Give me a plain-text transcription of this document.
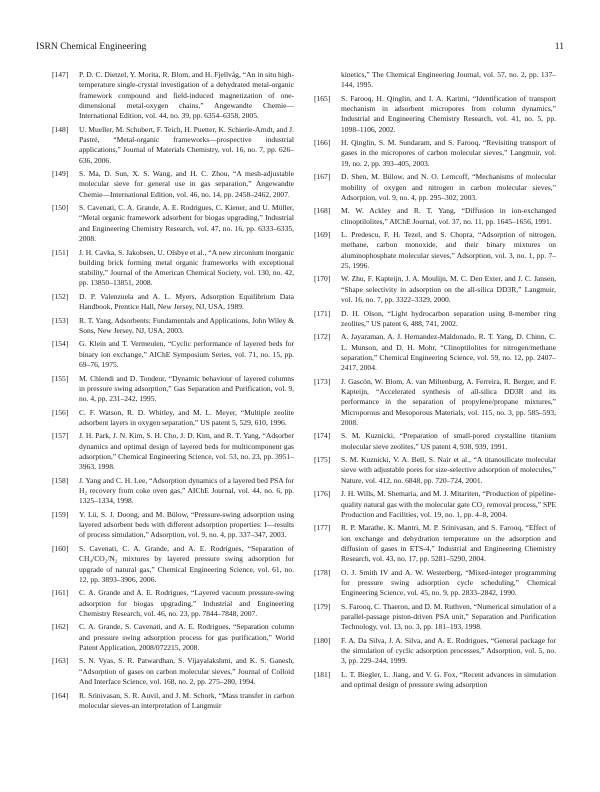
ISRN Chemical Engineering	11
[147] P. D. C. Dietzel, Y. Morita, R. Blom, and H. Fjellvåg, “An in situ high-temperature single-crystal investigation of a dehydrated metal-organic framework compound and field-induced magnetization of one-dimensional metal-oxygen chains,” Angewandte Chemie—International Edition, vol. 44, no. 39, pp. 6354–6358, 2005.
[148] U. Mueller, M. Schubert, F. Teich, H. Puetter, K. Schierle-Arndt, and J. Pastré, “Metal-organic frameworks—prospective industrial applications,” Journal of Materials Chemistry, vol. 16, no. 7, pp. 626–636, 2006.
[149] S. Ma, D. Sun, X. S. Wang, and H. C. Zhou, “A mesh-adjustable molecular sieve for general use in gas separation,” Angewandte Chemie—International Edition, vol. 46, no. 14, pp. 2458–2462, 2007.
[150] S. Cavenati, C. A. Grande, A. E. Rodrigues, C. Kiener, and U. Müller, “Metal organic framework adsorbent for biogas upgrading,” Industrial and Engineering Chemistry Research, vol. 47, no. 16, pp. 6333–6335, 2008.
[151] J. H. Cavka, S. Jakobsen, U. Olsbye et al., “A new zirconium inorganic building brick forming metal organic frameworks with exceptional stability,” Journal of the American Chemical Society, vol. 130, no. 42, pp. 13850–13851, 2008.
[152] D. P. Valenzuela and A. L. Myers, Adsorption Equilibrium Data Handbook, Prentice Hall, New Jersey, NJ, USA, 1989.
[153] R. T. Yang, Adsorbents: Fundamentals and Applications, John Wiley & Sons, New Jersey, NJ, USA, 2003.
[154] G. Klein and T. Vermeulen, “Cyclic performance of layered beds for binary ion exchange,” AIChE Symposium Series, vol. 71, no. 15, pp. 69–76, 1975.
[155] M. Chlendi and D. Tondeur, “Dynamic behaviour of layered columns in pressure swing adsorption,” Gas Separation and Purification, vol. 9, no. 4, pp. 231–242, 1995.
[156] C. F. Watson, R. D. Whitley, and M. L. Meyer, “Multiple zeolite adsorbent layers in oxygen separation,” US patent 5, 529, 610, 1996.
[157] J. H. Park, J. N. Kim, S. H. Cho, J. D. Kim, and R. T. Yang, “Adsorber dynamics and optimal design of layered beds for multicomponent gas adsorption,” Chemical Engineering Science, vol. 53, no. 23, pp. 3951–3963, 1998.
[158] J. Yang and C. H. Lee, “Adsorption dynamics of a layered bed PSA for H₂ recovery from coke oven gas,” AIChE Journal, vol. 44, no. 6, pp. 1325–1334, 1998.
[159] Y. Lü, S. J. Doong, and M. Bülow, “Pressure-swing adsorption using layered adsorbent beds with different adsorption properties: I—results of process simulation,” Adsorption, vol. 9, no. 4, pp. 337–347, 2003.
[160] S. Cavenati, C. A. Grande, and A. E. Rodrigues, “Separation of CH₄/CO₂/N₂ mixtures by layered pressure swing adsorption for upgrade of natural gas,” Chemical Engineering Science, vol. 61, no. 12, pp. 3893–3906, 2006.
[161] C. A. Grande and A. E. Rodrigues, “Layered vacuum pressure-swing adsorption for biogas upgrading,” Industrial and Engineering Chemistry Research, vol. 46, no. 23, pp. 7844–7848, 2007.
[162] C. A. Grande, S. Cavenati, and A. E. Rodrigues, “Separation column and pressure swing adsorption process for gas purification,” World Patent Application, 2008/072215, 2008.
[163] S. N. Vyas, S. R. Patwardhan, S. Vijayalakshmi, and K. S. Ganesh, “Adsorption of gases on carbon molecular sieves,” Journal of Colloid And Interface Science, vol. 168, no. 2, pp. 275–280, 1994.
[164] R. Srinivasan, S. R. Auvil, and J. M. Schork, “Mass transfer in carbon molecular sieves-an interpretation of Langmuir
kinetics,” The Chemical Engineering Journal, vol. 57, no. 2, pp. 137–144, 1995.
[165] S. Farooq, H. Qinglin, and I. A. Karimi, “Identification of transport mechanism in adsorbent micropores from column dynamics,” Industrial and Engineering Chemistry Research, vol. 41, no. 5, pp. 1098–1106, 2002.
[166] H. Qinglin, S. M. Sundaram, and S. Farooq, “Revisiting transport of gases in the micropores of carbon molecular sieves,” Langmuir, vol. 19, no. 2, pp. 393–405, 2003.
[167] D. Shen, M. Bülow, and N. O. Lemcoff, “Mechanisms of molecular mobility of oxygen and nitrogen in carbon molecular sieves,” Adsorption, vol. 9, no. 4, pp. 295–302, 2003.
[168] M. W. Ackley and R. T. Yang, “Diffusion in ion-exchanged clinoptilolites,” AIChE Journal, vol. 37, no. 11, pp. 1645–1656, 1991.
[169] L. Predescu, F. H. Tezel, and S. Chopra, “Adsorption of nitrogen, methane, carbon monoxide, and their binary mixtures on aluminophosphate molecular sieves,” Adsorption, vol. 3, no. 1, pp. 7–25, 1996.
[170] W. Zhu, F. Kapteijn, J. A. Moulijn, M. C. Den Exter, and J. C. Jansen, “Shape selectivity in adsorption on the all-silica DD3R,” Langmuir, vol. 16, no. 7, pp. 3322–3329, 2000.
[171] D. H. Olson, “Light hydrocarbon separation using 8-member ring zeolites,” US patent 6, 488, 741, 2002.
[172] A. Jayaraman, A. J. Hernandez-Maldonado, R. T. Yang, D. Chinn, C. L. Munson, and D. H. Mohr, “Clinoptilolites for nitrogen/methane separation,” Chemical Engineering Science, vol. 59, no. 12, pp. 2407–2417, 2004.
[173] J. Gascón, W. Blom, A. van Miltenburg, A. Ferreira, R. Berger, and F. Kapteijn, “Accelerated synthesis of all-silica DD3R and its performance in the separation of propylene/propane mixtures,” Microporous and Mesoporous Materials, vol. 115, no. 3, pp. 585–593, 2008.
[174] S. M. Kuznicki, “Preparation of small-pored crystalline titanium molecular sieve zeolites,” US patent 4, 938, 939, 1991.
[175] S. M. Kuznicki, V. A. Bell, S. Nair et al., “A titanosilicate molecular sieve with adjustable pores for size-selective adsorption of molecules,” Nature, vol. 412, no. 6848, pp. 720–724, 2001.
[176] J. H. Wills, M. Shemaria, and M. J. Mitariten, “Production of pipeline-quality natural gas with the molecular gate CO₂ removal process,” SPE Production and Facilities, vol. 19, no. 1, pp. 4–8, 2004.
[177] R. P. Marathe, K. Mantri, M. P. Srinivasan, and S. Farooq, “Effect of ion exchange and dehydration temperature on the adsorption and diffusion of gases in ETS-4,” Industrial and Engineering Chemistry Research, vol. 43, no. 17, pp. 5281–5290, 2004.
[178] O. J. Smith IV and A. W. Westerberg, “Mixed-integer programming for pressure swing adsorption cycle scheduling,” Chemical Engineering Science, vol. 45, no. 9, pp. 2833–2842, 1990.
[179] S. Farooq, C. Thaeron, and D. M. Ruthven, “Numerical simulation of a parallel-passage piston-driven PSA unit,” Separation and Purification Technology, vol. 13, no. 3, pp. 181–193, 1998.
[180] F. A. Da Silva, J. A. Silva, and A. E. Rodrigues, “General package for the simulation of cyclic adsorption processes,” Adsorption, vol. 5, no. 3, pp. 229–244, 1999.
[181] L. T. Biegler, L. Jiang, and V. G. Fox, “Recent advances in simulation and optimal design of pressure swing adsorption
